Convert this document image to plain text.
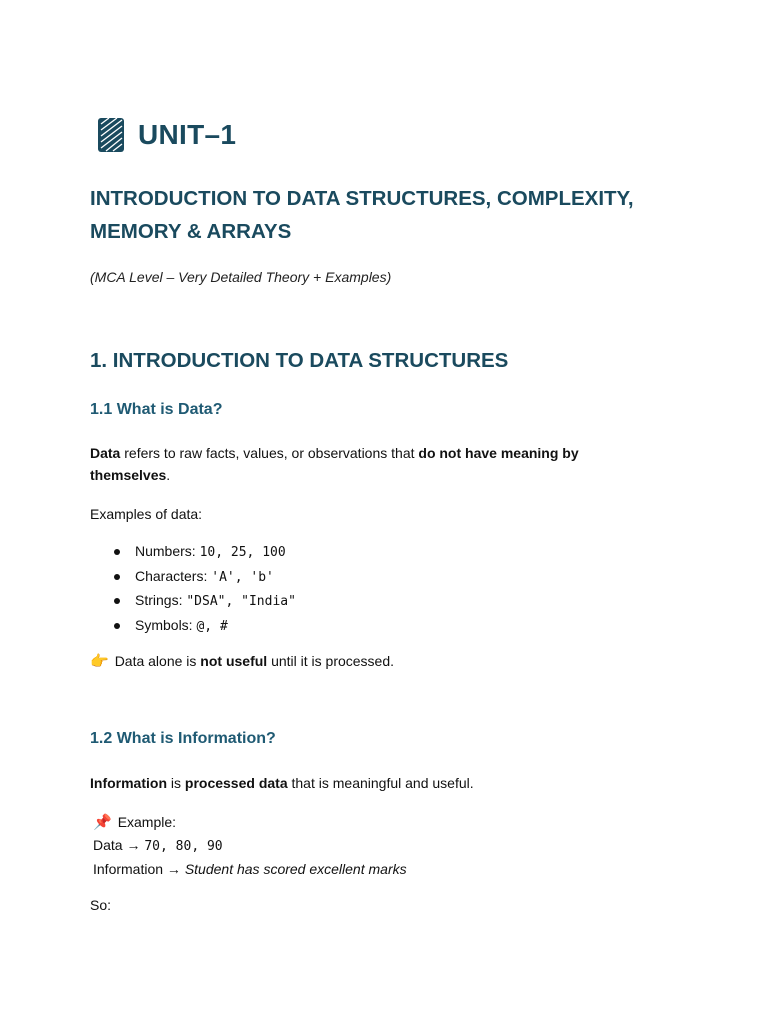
UNIT–1
INTRODUCTION TO DATA STRUCTURES, COMPLEXITY, MEMORY & ARRAYS
(MCA Level – Very Detailed Theory + Examples)
1. INTRODUCTION TO DATA STRUCTURES
1.1 What is Data?
Data refers to raw facts, values, or observations that do not have meaning by themselves.
Examples of data:
Numbers: 10, 25, 100
Characters: 'A', 'b'
Strings: "DSA", "India"
Symbols: @, #
👉 Data alone is not useful until it is processed.
1.2 What is Information?
Information is processed data that is meaningful and useful.
📌 Example:
Data → 70, 80, 90
Information → Student has scored excellent marks
So:
